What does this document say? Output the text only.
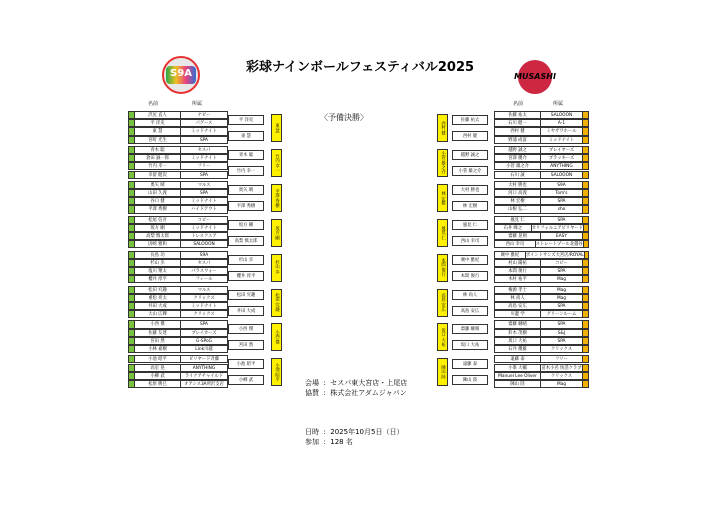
S9A	彩球ナインボールフェスティバル2025
MUSASHI
名前	所属	名前	所属
〈予備決勝〉
沢尻 直人	ナビー
平 洋史	パグース
東 慧	ミッドナイト
宮町 光生	SPA
平 洋史
東 慧
東 慧
青木 聡	セスパ
倉田 誠一郎	ミッドナイト
竹内 幸一	フリー
幸留 健次	SPA
青木 聡
竹内 幸一	竹内 幸一
奥矢 晴	マルス
山田 久義	SPA
谷口 健	ミッドナイト
平澤 秀樹	ハイドアウト
奥矢 晴
平澤 秀樹	平澤 秀樹
松尾 信吾	コピー
坂方 剛	ミッドナイト
高梨 慎太郎	トレスクエア
因崎 雅和	SALOOON
坂方 剛
高梨 慎太郎
坂方 剛
長島 功	S9A
杉山 歩	セスパ
塩川 翔太	パラスウォー
櫻井 淳平	フィール
杉山 歩
櫻井 淳平
杉山 歩
松田 究趣	マルス
重松 亮太	クリックス
井田 大成	ミッドナイト
大山 広輝	クリックス
松田 究趣
井田 大成	松田 究趣
小西 傑	SPA
佐藤 友達	ブレイカーズ
宮田 然	G-SPoG
小林 嘉樹	Link川越
小西 傑
宮田 然
小西 傑
小池 昭平	ビリヤード斉藤
高室 晃	ANYTHING
小柳 武	ライクアチャイルド
松原 勝巳	オアシス3A所沢支店
小池 昭平
小柳 武	小池 昭平
佐藤 祐太	SALOOON
石川 健一	A-1
西村 健	ミヤザワホール
野浦 成富	ミッドナイト
佐藤 祐太
西村 健
西村 健
越野 誠之	ブレイヤーズ
宮澤 優介	ブラッキーズ
小菅 雄之介	ANYTHING
石川 誠	SALOOON
越野 誠之
小菅 雄之介
小菅 雄之介
大村 勝也	S9A
河口 高義	Tom's
林 宏樹	SPA
山根 弘二	sho
大村 勝也
林 宏樹
林 宏樹
風見 仁	SPA
石井 峰之	カリフォルニアビリヤード
齋藤 晃則	EASY
西山 幸司	ストレートプール北越谷
風見 仁
西山 幸司
風見 仁
廣中 雅紀	ポイントサンズ大宮店/ROYAL
村山 陽祐	コピー
本間 俊行	SPA
木村 祐平	Mag
廣中 雅紀
本間 俊行
本間 俊行
権源 孝士	Mag
林 尚人	Mag
高島 安広	SPA
川邊 学	グリーンルーム
林 尚人
高島 安広
高島 安広
齋藤 継晴	SPA
鈴木 茂樹	S&J
坂口 大祐	SPA
石井 優雄	クリックス
齋藤 継晴
坂口 大祐
坂口 大祐
遠藤 泰	フリー
小峯 大輔	苗木小名 快活クラブ
Manuel Lee Oliver	クリックス
陳山 陸	Mag
遠藤 泰
陳山 陸
陳山 陸
会場 : セスパ東大宮店・上尾店
協賛 : 株式会社アダムジャパン
日時 : 2025年10月5日（日）
参加 : 128 名
